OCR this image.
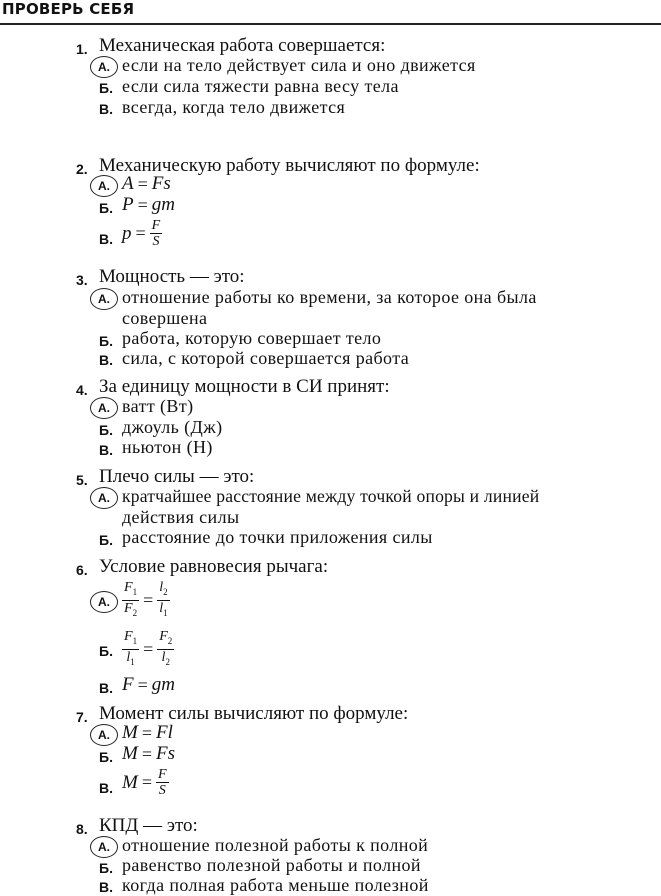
ПРОВЕРЬ СЕБЯ
1. Механическая работа совершается:
А. если на тело действует сила и оно движется
Б. если сила тяжести равна весу тела
В. всегда, когда тело движется
2. Механическую работу вычисляют по формуле:
А. A = Fs
Б. P = gm
В. $p = \frac{F}{S}$
3. Мощность — это:
А. отношение работы ко времени, за которое она была
совершена
Б. работа, которую совершает тело
В. сила, с которой совершается работа
4. За единицу мощности в СИ принят:
А. ватт (Вт)
Б. джоуль (Дж)
В. ньютон (Н)
5. Плечо силы — это:
А. кратчайшее расстояние между точкой опоры и линией
действия силы
Б. расстояние до точки приложения силы
6. Условие равновесия рычага:
А. $\frac{F_1}{F_2} = \frac{l_2}{l_1}$
Б. $\frac{F_1}{l_1} = \frac{F_2}{l_2}$
В. F = gm
7. Момент силы вычисляют по формуле:
А. M = Fl
Б. M = Fs
В. $M = \frac{F}{S}$
8. КПД — это:
А. отношение полезной работы к полной
Б. равенство полезной работы и полной
В. когда полная работа меньше полезной
